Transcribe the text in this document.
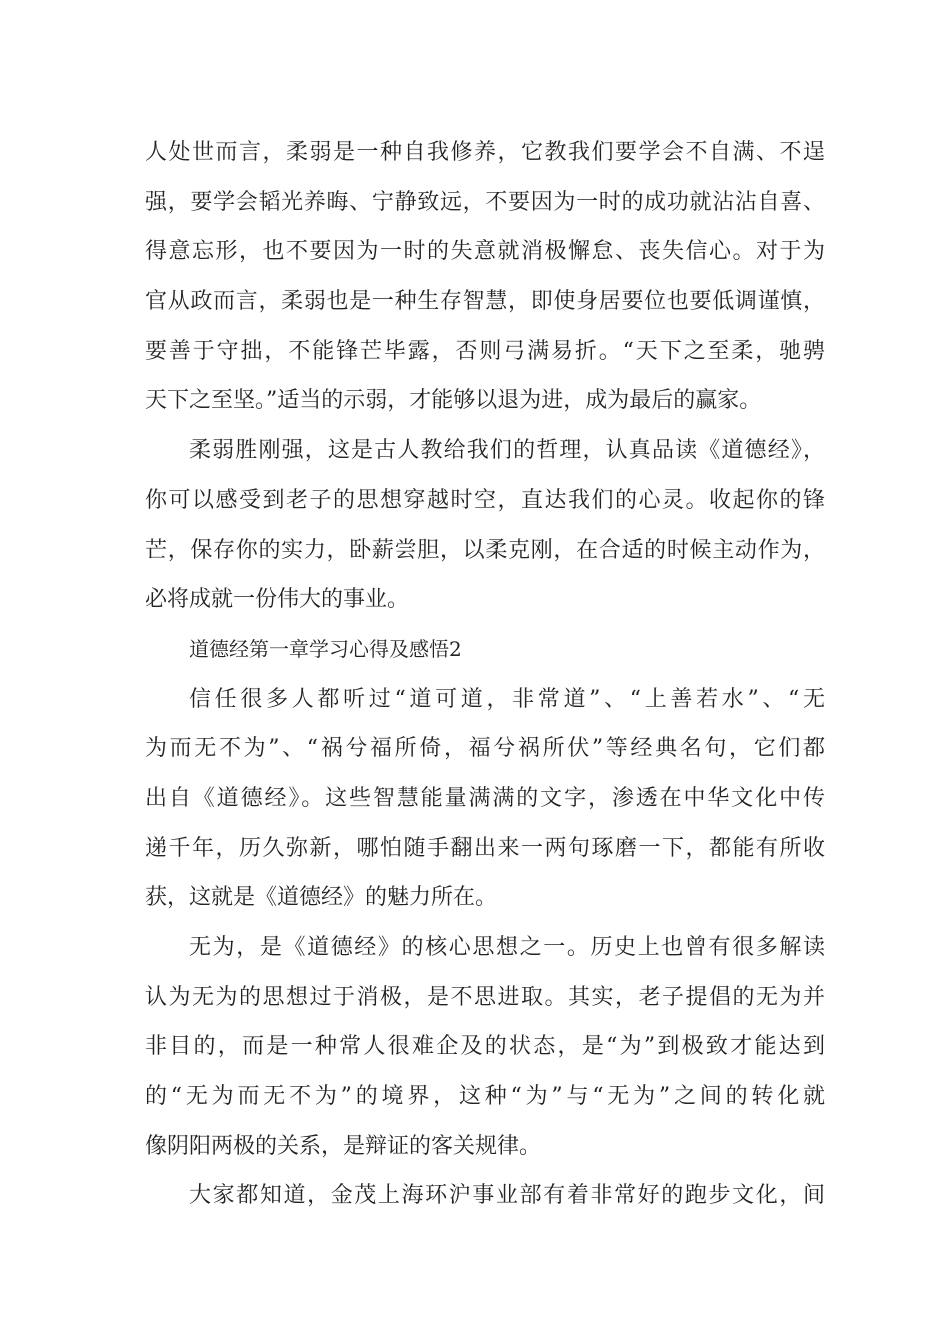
人处世而言，柔弱是一种自我修养，它教我们要学会不自满、不逞
强，要学会韬光养晦、宁静致远，不要因为一时的成功就沾沾自喜、
得意忘形，也不要因为一时的失意就消极懈怠、丧失信心。对于为
官从政而言，柔弱也是一种生存智慧，即使身居要位也要低调谨慎，
要善于守拙，不能锋芒毕露，否则弓满易折。“天下之至柔，驰骋
天下之至坚。”适当的示弱，才能够以退为进，成为最后的赢家。
柔弱胜刚强，这是古人教给我们的哲理，认真品读《道德经》，
你可以感受到老子的思想穿越时空，直达我们的心灵。收起你的锋
芒，保存你的实力，卧薪尝胆，以柔克刚，在合适的时候主动作为，
必将成就一份伟大的事业。
道德经第一章学习心得及感悟2
信任很多人都听过“道可道，非常道”、“上善若水”、“无
为而无不为”、“祸兮福所倚，福兮祸所伏”等经典名句，它们都
出自《道德经》。这些智慧能量满满的文字，渗透在中华文化中传
递千年，历久弥新，哪怕随手翻出来一两句琢磨一下，都能有所收
获，这就是《道德经》的魅力所在。
无为，是《道德经》的核心思想之一。历史上也曾有很多解读
认为无为的思想过于消极，是不思进取。其实，老子提倡的无为并
非目的，而是一种常人很难企及的状态，是“为”到极致才能达到
的“无为而无不为”的境界，这种“为”与“无为”之间的转化就
像阴阳两极的关系，是辩证的客关规律。
大家都知道，金茂上海环沪事业部有着非常好的跑步文化，间
